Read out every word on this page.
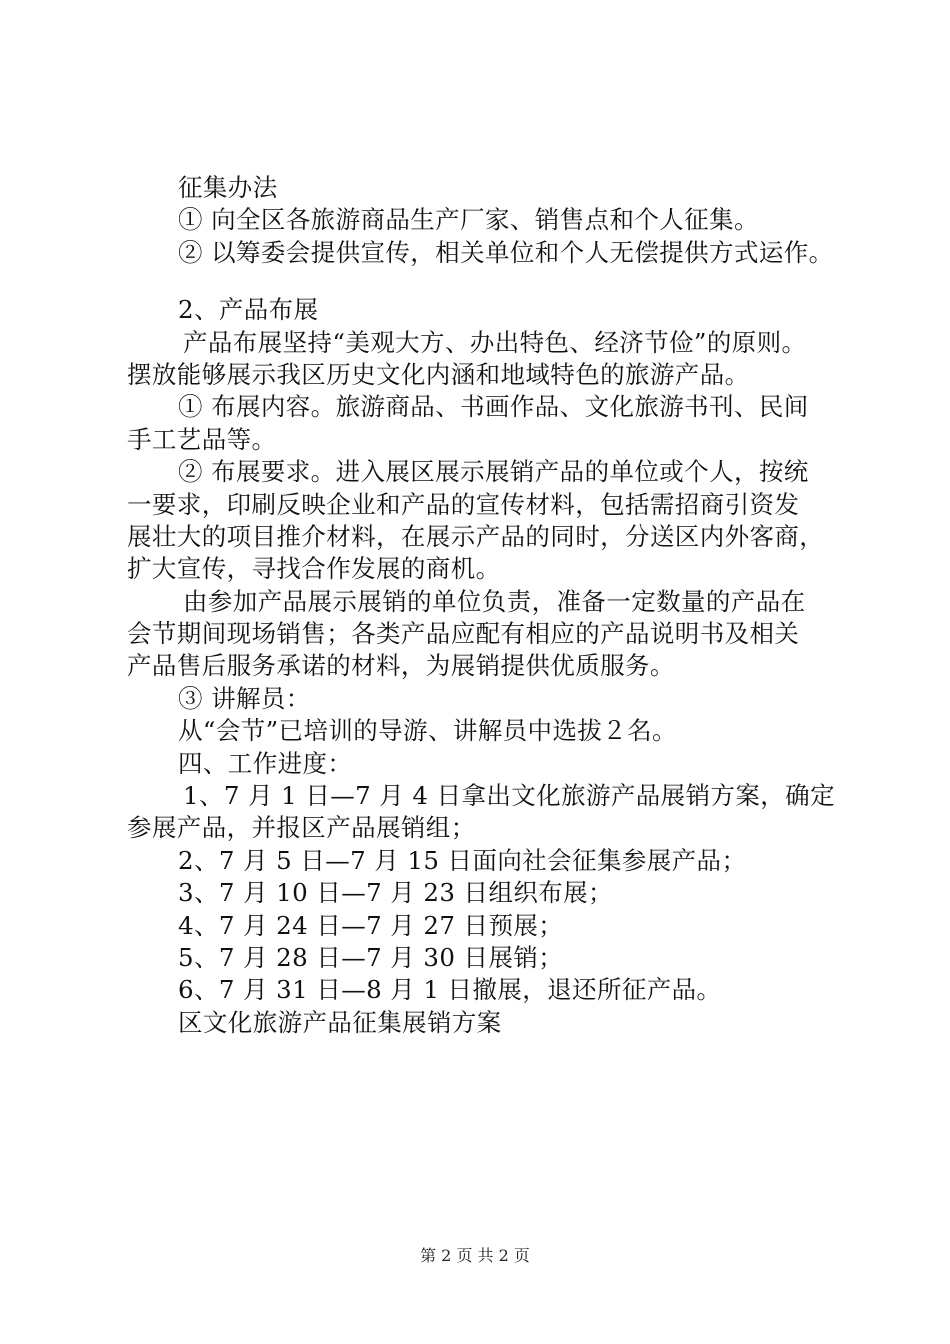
征集办法
① 向全区各旅游商品生产厂家、销售点和个人征集。
② 以筹委会提供宣传，相关单位和个人无偿提供方式运作。
2、产品布展
产品布展坚持“美观大方、办出特色、经济节俭”的原则。
摆放能够展示我区历史文化内涵和地域特色的旅游产品。
① 布展内容。旅游商品、书画作品、文化旅游书刊、民间
手工艺品等。
② 布展要求。进入展区展示展销产品的单位或个人，按统
一要求，印刷反映企业和产品的宣传材料，包括需招商引资发
展壮大的项目推介材料，在展示产品的同时，分送区内外客商，
扩大宣传，寻找合作发展的商机。
由参加产品展示展销的单位负责，准备一定数量的产品在
会节期间现场销售；各类产品应配有相应的产品说明书及相关
产品售后服务承诺的材料，为展销提供优质服务。
③ 讲解员：
从“会节”已培训的导游、讲解员中选拔２名。
四、工作进度：
1、7 月 1 日—7 月 4 日拿出文化旅游产品展销方案，确定
参展产品，并报区产品展销组；
2、7 月 5 日—7 月 15 日面向社会征集参展产品；
3、7 月 10 日—7 月 23 日组织布展；
4、7 月 24 日—7 月 27 日预展；
5、7 月 28 日—7 月 30 日展销；
6、7 月 31 日—8 月 1 日撤展，退还所征产品。
区文化旅游产品征集展销方案
第 2 页 共 2 页
